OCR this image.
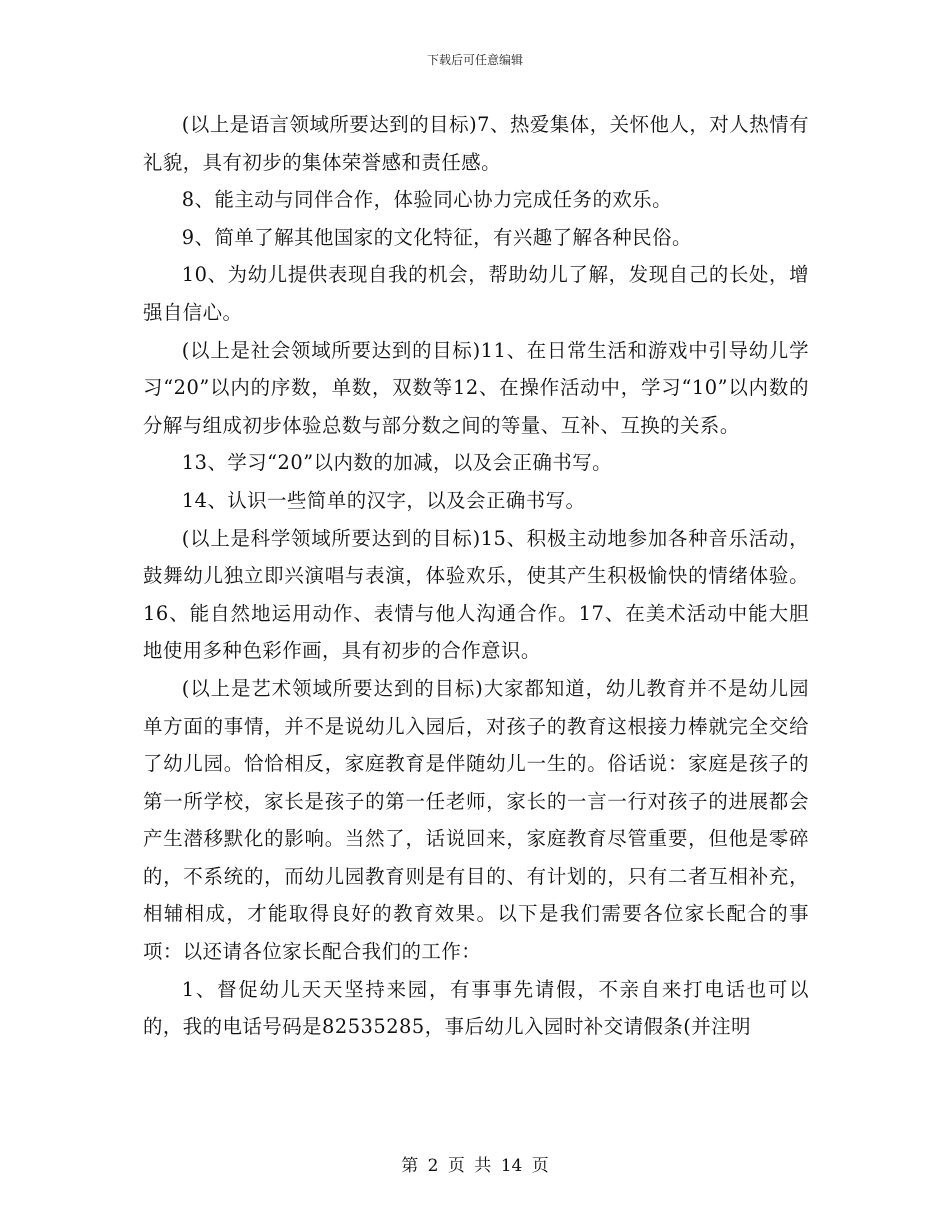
下载后可任意编辑

(以上是语言领域所要达到的目标)7、热爱集体，关怀他人，对人热情有礼貌，具有初步的集体荣誉感和责任感。

8、能主动与同伴合作，体验同心协力完成任务的欢乐。

9、简单了解其他国家的文化特征，有兴趣了解各种民俗。

10、为幼儿提供表现自我的机会，帮助幼儿了解，发现自己的长处，增强自信心。

(以上是社会领域所要达到的目标)11、在日常生活和游戏中引导幼儿学习“20”以内的序数，单数，双数等12、在操作活动中，学习“10”以内数的分解与组成初步体验总数与部分数之间的等量、互补、互换的关系。

13、学习“20”以内数的加减，以及会正确书写。

14、认识一些简单的汉字，以及会正确书写。

(以上是科学领域所要达到的目标)15、积极主动地参加各种音乐活动，鼓舞幼儿独立即兴演唱与表演，体验欢乐，使其产生积极愉快的情绪体验。16、能自然地运用动作、表情与他人沟通合作。17、在美术活动中能大胆地使用多种色彩作画，具有初步的合作意识。

(以上是艺术领域所要达到的目标)大家都知道，幼儿教育并不是幼儿园单方面的事情，并不是说幼儿入园后，对孩子的教育这根接力棒就完全交给了幼儿园。恰恰相反，家庭教育是伴随幼儿一生的。俗话说：家庭是孩子的第一所学校，家长是孩子的第一任老师，家长的一言一行对孩子的进展都会产生潜移默化的影响。当然了，话说回来，家庭教育尽管重要，但他是零碎的，不系统的，而幼儿园教育则是有目的、有计划的，只有二者互相补充，相辅相成，才能取得良好的教育效果。以下是我们需要各位家长配合的事项：以还请各位家长配合我们的工作：

1、督促幼儿天天坚持来园，有事事先请假，不亲自来打电话也可以的，我的电话号码是82535285，事后幼儿入园时补交请假条(并注明

第 2 页 共 14 页
